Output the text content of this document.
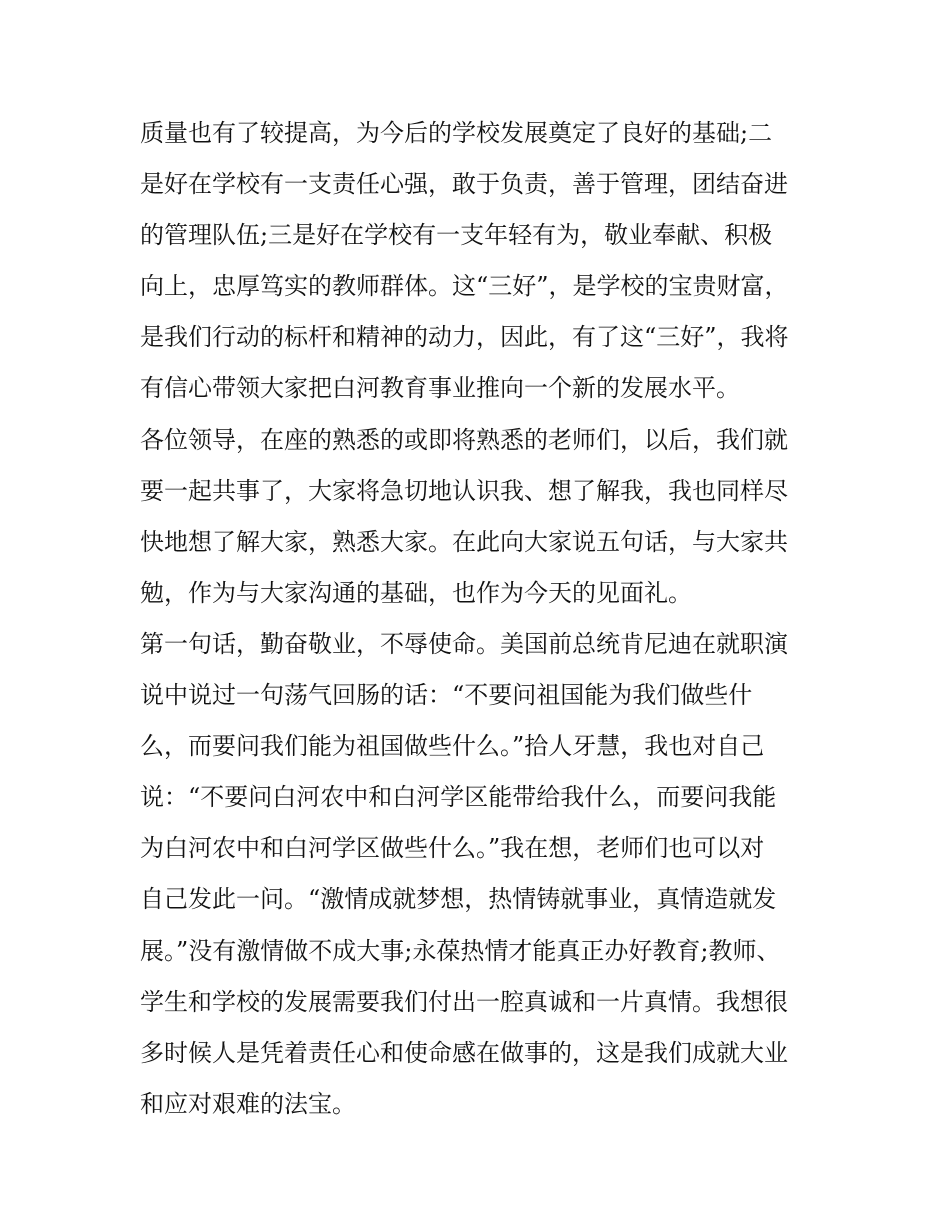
质量也有了较提高，为今后的学校发展奠定了良好的基础;二
是好在学校有一支责任心强，敢于负责，善于管理，团结奋进
的管理队伍;三是好在学校有一支年轻有为，敬业奉献、积极
向上，忠厚笃实的教师群体。这“三好”，是学校的宝贵财富，
是我们行动的标杆和精神的动力，因此，有了这“三好”，我将
有信心带领大家把白河教育事业推向一个新的发展水平。
各位领导，在座的熟悉的或即将熟悉的老师们，以后，我们就
要一起共事了，大家将急切地认识我、想了解我，我也同样尽
快地想了解大家，熟悉大家。在此向大家说五句话，与大家共
勉，作为与大家沟通的基础，也作为今天的见面礼。
第一句话，勤奋敬业，不辱使命。美国前总统肯尼迪在就职演
说中说过一句荡气回肠的话：“不要问祖国能为我们做些什
么，而要问我们能为祖国做些什么。”拾人牙慧，我也对自己
说：“不要问白河农中和白河学区能带给我什么，而要问我能
为白河农中和白河学区做些什么。”我在想，老师们也可以对
自己发此一问。“激情成就梦想，热情铸就事业，真情造就发
展。”没有激情做不成大事;永葆热情才能真正办好教育;教师、
学生和学校的发展需要我们付出一腔真诚和一片真情。我想很
多时候人是凭着责任心和使命感在做事的，这是我们成就大业
和应对艰难的法宝。
